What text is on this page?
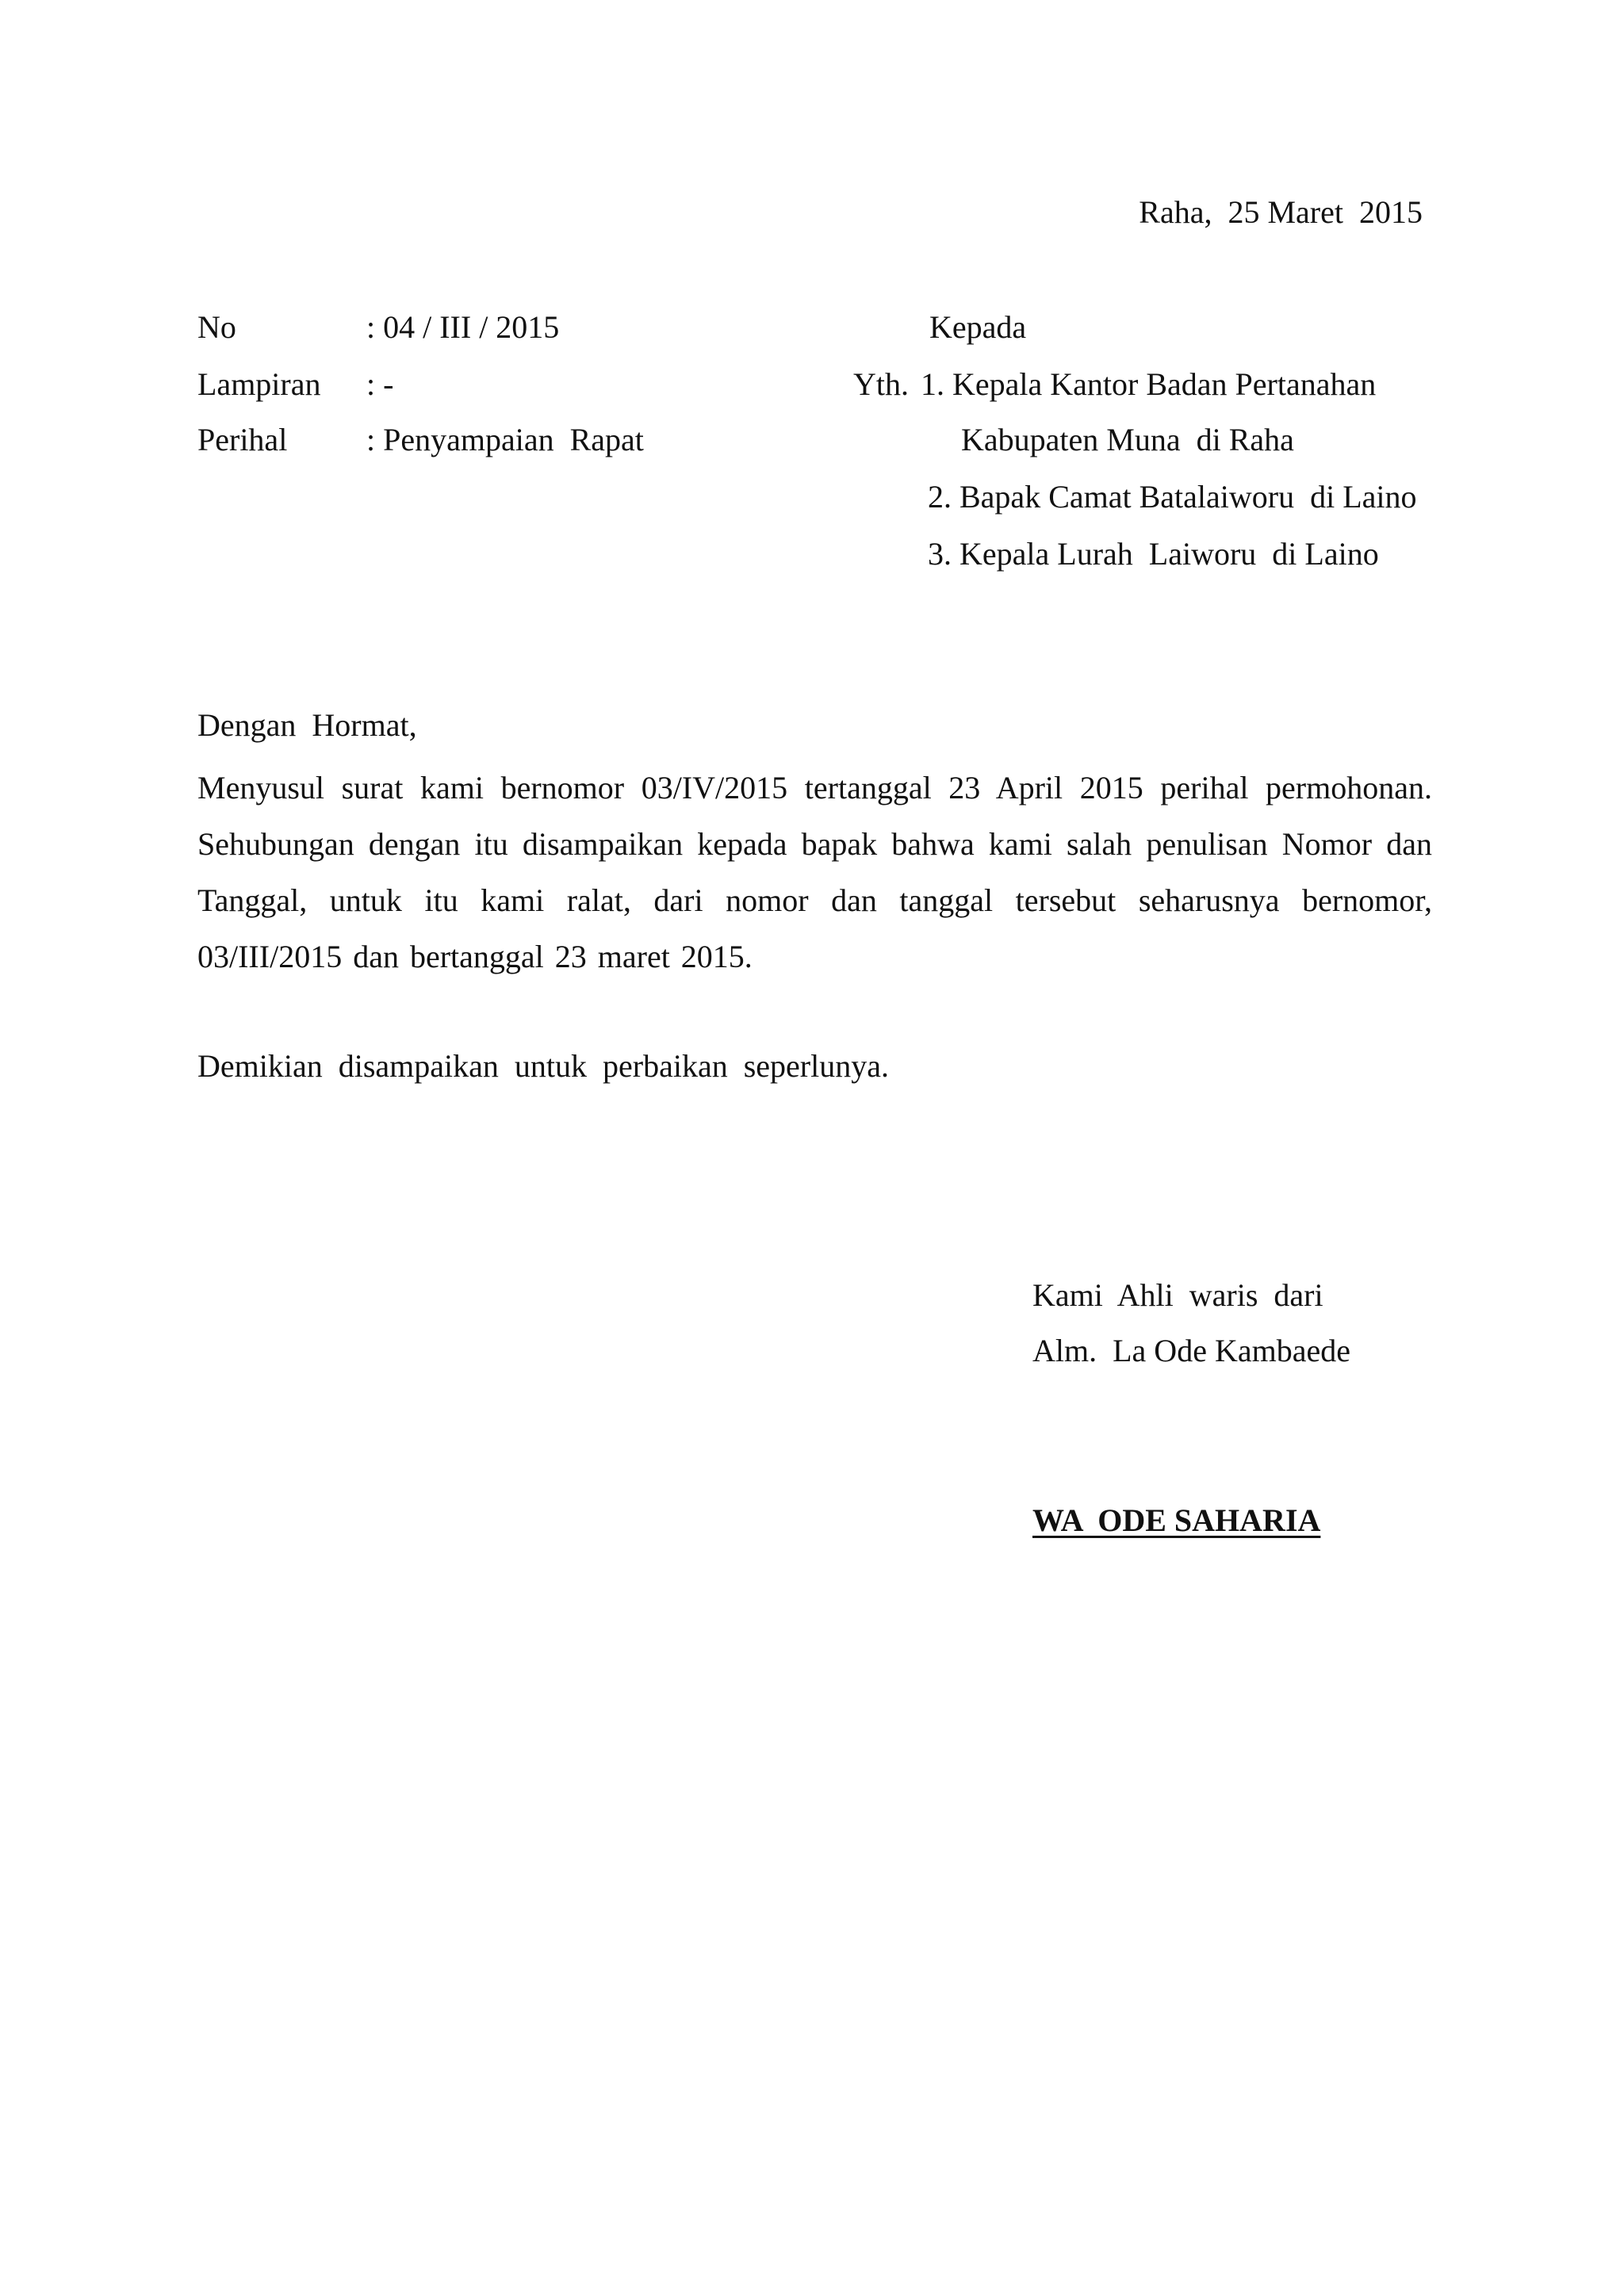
Raha,  25 Maret  2015
No	: 04 / III / 2015
Lampiran : -
Perihal : Penyampaian  Rapat
Kepada
Yth. 1. Kepala Kantor Badan Pertanahan
Kabupaten Muna  di Raha
2. Bapak Camat Batalaiworu  di Laino
3. Kepala Lurah  Laiworu  di Laino
Dengan  Hormat,
Menyusul surat kami bernomor 03/IV/2015 tertanggal 23 April 2015 perihal permohonan.
Sehubungan dengan itu disampaikan kepada bapak bahwa kami salah penulisan Nomor dan
Tanggal, untuk itu kami ralat, dari nomor dan tanggal tersebut seharusnya bernomor,
03/III/2015 dan bertanggal 23 maret 2015.
Demikian  disampaikan  untuk  perbaikan  seperlunya.
Kami  Ahli  waris  dari
Alm.  La Ode Kambaede
WA  ODE SAHARIA
